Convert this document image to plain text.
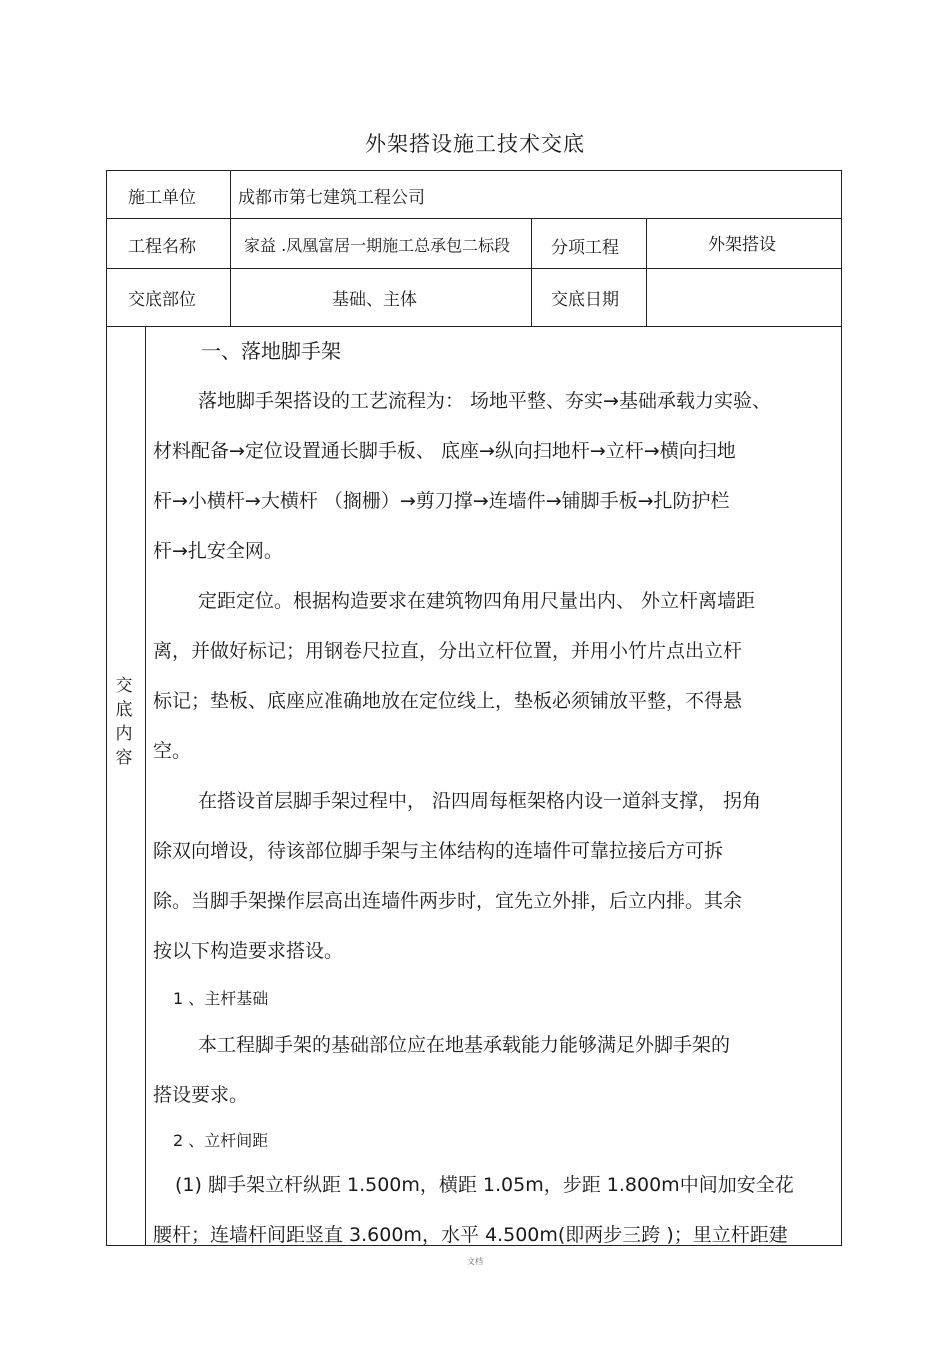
外架搭设施工技术交底
施工单位 成都市第七建筑工程公司
工程名称	家益 .凤凰富居一期施工总承包二标段 分项工程	外架搭设
交底部位	基础、主体	交底日期
交
底
内
容
一、落地脚手架
落地脚手架搭设的工艺流程为： 场地平整、夯实→基础承载力实验、
材料配备→定位设置通长脚手板、 底座→纵向扫地杆→立杆→横向扫地
杆→小横杆→大横杆 （搁栅）→剪刀撑→连墙件→铺脚手板→扎防护栏
杆→扎安全网。
定距定位。根据构造要求在建筑物四角用尺量出内、 外立杆离墙距
离，并做好标记；用钢卷尺拉直，分出立杆位置，并用小竹片点出立杆
标记；垫板、底座应准确地放在定位线上，垫板必须铺放平整，不得悬
空。
在搭设首层脚手架过程中， 沿四周每框架格内设一道斜支撑， 拐角
除双向增设，待该部位脚手架与主体结构的连墙件可靠拉接后方可拆
除。当脚手架操作层高出连墙件两步时，宜先立外排，后立内排。其余
按以下构造要求搭设。
1 、主杆基础
本工程脚手架的基础部位应在地基承载能力能够满足外脚手架的
搭设要求。
2 、立杆间距
(1) 脚手架立杆纵距 1.500m，横距 1.05m，步距 1.800m中间加安全花
腰杆；连墙杆间距竖直 3.600m，水平 4.500m(即两步三跨 )；里立杆距建
文档
